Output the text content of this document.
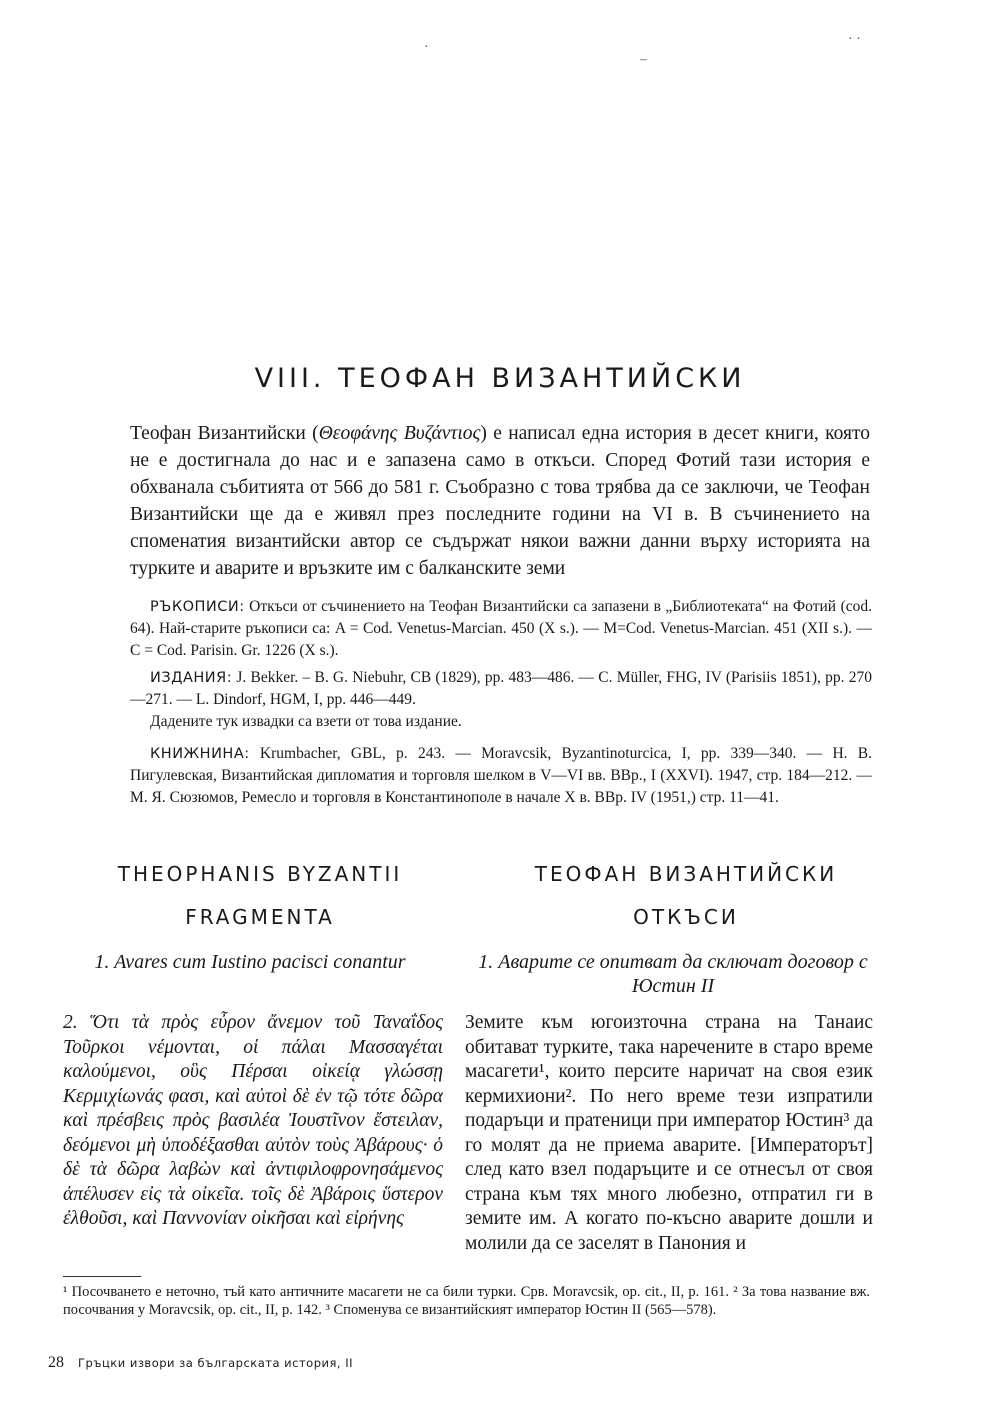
·
–
· ·
VIII. ТЕОФАН ВИЗАНТИЙСКИ
Теофан Византийски (Θεοφάνης Βυζάντιος) е написал една история в десет книги, която не е достигнала до нас и е запазена само в откъси. Според Фотий тази история е обхванала събитията от 566 до 581 г. Съобразно с това трябва да се заключи, че Теофан Византийски ще да е живял през последните години на VI в. В съчинението на споменатия византийски автор се съдържат някои важни данни върху историята на турките и аварите и връзките им с балканските земи
РЪКОПИСИ: Откъси от съчинението на Теофан Византийски са запазени в „Библиотеката“ на Фотий (cod. 64). Най-старите ръкописи са: A = Cod. Venetus-Marcian. 450 (X s.). — M=Cod. Venetus-Marcian. 451 (XII s.). — C = Cod. Parisin. Gr. 1226 (X s.).
ИЗДАНИЯ: J. Bekker. – B. G. Niebuhr, CB (1829), pp. 483—486. — C. Müller, FHG, IV (Parisiis 1851), pp. 270—271. — L. Dindorf, HGM, I, pp. 446—449.
Дадените тук извадки са взети от това издание.
КНИЖНИНА: Krumbacher, GBL, p. 243. — Moravcsik, Byzantinoturcica, I, pp. 339—340. — Н. В. Пигулевская, Византийская дипломатия и торговля шелком в V—VI вв. ВВр., I (XXVI). 1947, стр. 184—212. — М. Я. Сюзюмов, Ремесло и торговля в Константинополе в начале X в. ВВр. IV (1951,) стр. 11—41.
THEOPHANIS BYZANTII
FRAGMENTA
ТЕОФАН ВИЗАНТИЙСКИ
ОТКЪСИ
1. Avares cum Iustino pacisci conantur	1. Аварите се опитват да сключат договор с Юстин II
2. Ὅτι τὰ πρὸς εὖρον ἄνεμον τοῦ Ταναΐδος Τοῦρκοι νέμονται, οἱ πάλαι Μασσαγέται καλούμενοι, οὓς Πέρσαι οἰκείᾳ γλώσσῃ Κερμιχίωνάς φασι, καὶ αὐτοὶ δὲ ἐν τῷ τότε δῶρα καὶ πρέσβεις πρὸς βασιλέα Ἰουστῖνον ἔστειλαν, δεόμενοι μὴ ὑποδέξασθαι αὐτὸν τοὺς Ἀβάρους· ὁ δὲ τὰ δῶρα λαβὼν καὶ ἀντιφιλοφρονησάμενος ἀπέλυσεν εἰς τὰ οἰκεῖα. τοῖς δὲ Ἀβάροις ὕστερον ἐλθοῦσι, καὶ Παννονίαν οἰκῆσαι καὶ εἰρήνης
Земите към югоизточна страна на Танаис обитават турките, така наречените в старо време масагети¹, които персите наричат на своя език кермихиони². По него време тези изпратили подаръци и пратеници при император Юстин³ да го молят да не приема аварите. [Императорът] след като взел подаръците и се отнесъл от своя страна към тях много любезно, отпратил ги в земите им. А когато по-късно аварите дошли и молили да се заселят в Панония и
¹ Посочването е неточно, тъй като античните масагети не са били турки. Срв. Moravcsik, op. cit., II, p. 161. ² За това название вж. посочвания у Moravcsik, op. cit., II, p. 142. ³ Споменува се византийският император Юстин II (565—578).
28 Гръцки извори за българската история, II
